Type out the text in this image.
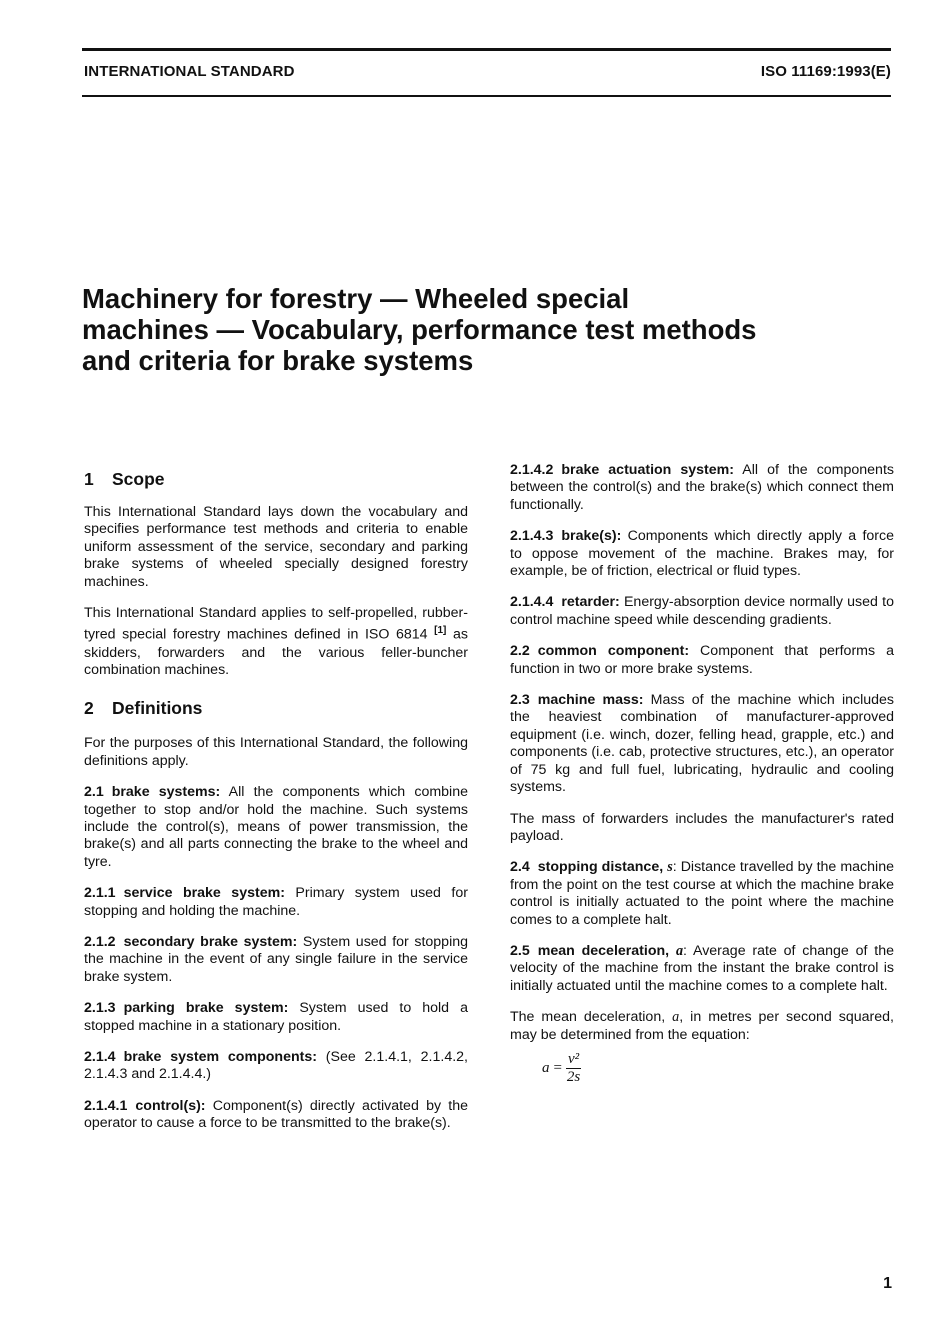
INTERNATIONAL STANDARD	ISO 11169:1993(E)
Machinery for forestry — Wheeled special
machines — Vocabulary, performance test methods
and criteria for brake systems
1 Scope

This International Standard lays down the vocabulary and specifies performance test methods and criteria to enable uniform assessment of the service, secondary and parking brake systems of wheeled specially designed forestry machines.

This International Standard applies to self-propelled, rubber-tyred special forestry machines defined in ISO 6814 [1] as skidders, forwarders and the various feller-buncher combination machines.

2 Definitions

For the purposes of this International Standard, the following definitions apply.

2.1 brake systems: All the components which combine together to stop and/or hold the machine. Such systems include the control(s), means of power transmission, the brake(s) and all parts connecting the brake to the wheel and tyre.

2.1.1 service brake system: Primary system used for stopping and holding the machine.

2.1.2 secondary brake system: System used for stopping the machine in the event of any single failure in the service brake system.

2.1.3 parking brake system: System used to hold a stopped machine in a stationary position.

2.1.4 brake system components: (See 2.1.4.1, 2.1.4.2, 2.1.4.3 and 2.1.4.4.)

2.1.4.1 control(s): Component(s) directly activated by the operator to cause a force to be transmitted to the brake(s).

2.1.4.2 brake actuation system: All of the components between the control(s) and the brake(s) which connect them functionally.

2.1.4.3 brake(s): Components which directly apply a force to oppose movement of the machine. Brakes may, for example, be of friction, electrical or fluid types.

2.1.4.4 retarder: Energy-absorption device normally used to control machine speed while descending gradients.

2.2 common component: Component that performs a function in two or more brake systems.

2.3 machine mass: Mass of the machine which includes the heaviest combination of manufacturer-approved equipment (i.e. winch, dozer, felling head, grapple, etc.) and components (i.e. cab, protective structures, etc.), an operator of 75 kg and full fuel, lubricating, hydraulic and cooling systems.

The mass of forwarders includes the manufacturer's rated payload.

2.4 stopping distance, s: Distance travelled by the machine from the point on the test course at which the machine brake control is initially actuated to the point where the machine comes to a complete halt.

2.5 mean deceleration, a: Average rate of change of the velocity of the machine from the instant the brake control is initially actuated until the machine comes to a complete halt.

The mean deceleration, a, in metres per second squared, may be determined from the equation:

$a = \frac{\text{v²}}{2s}$
1
